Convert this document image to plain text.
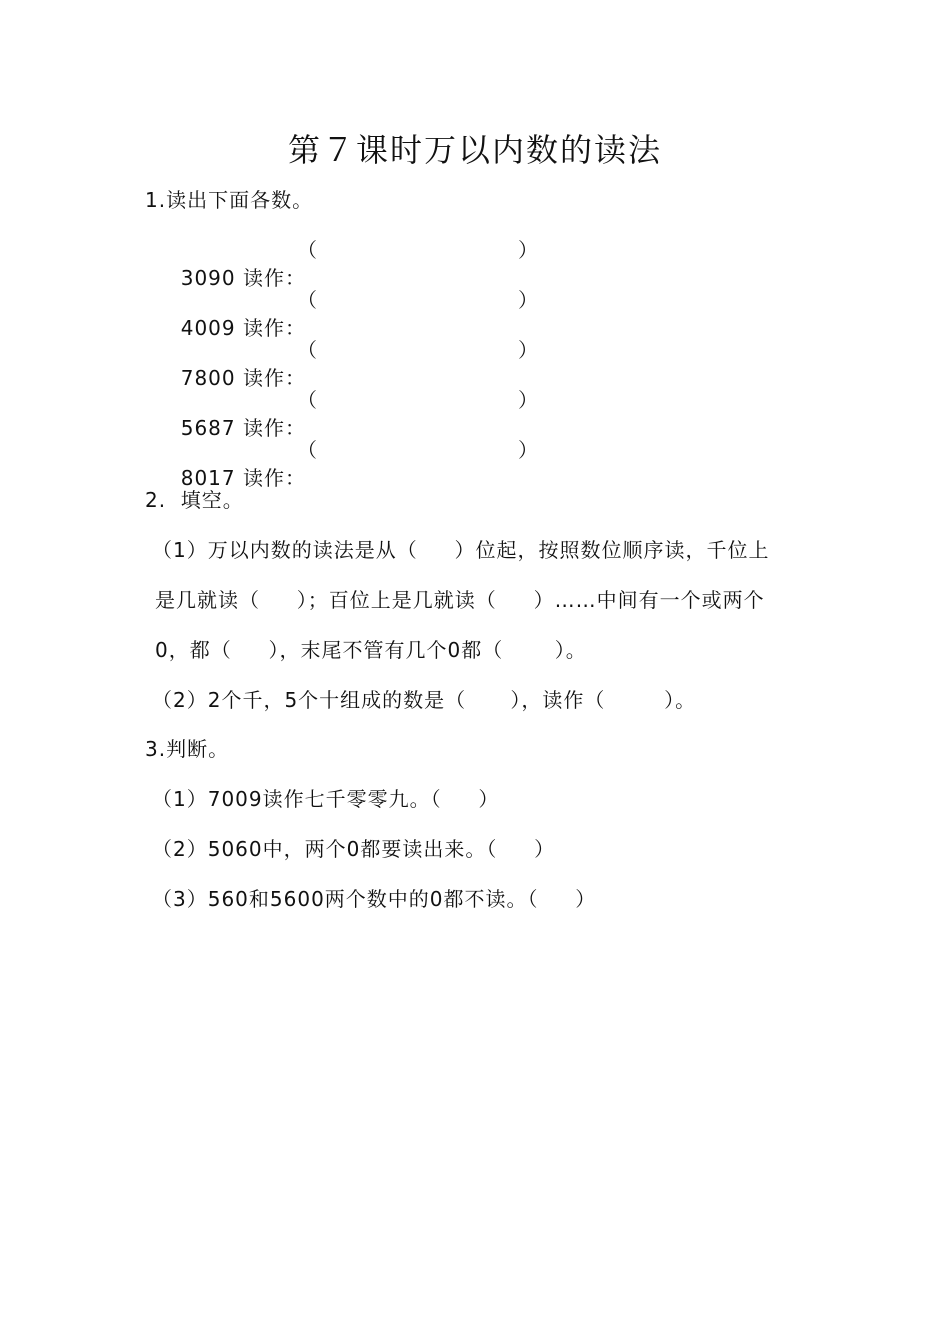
第７课时万以内数的读法
1.读出下面各数。

3090 读作：

（	）

4009 读作：

（	）

7800 读作：

（	）

5687 读作：

（	）

8017 读作：

（	）
2.  填空。
（1）万以内数的读法是从（     ）位起，按照数位顺序读，千位上
是几就读（     ）；百位上是几就读（     ）……中间有一个或两个
0，都（     ），末尾不管有几个0都（       ）。
（2）2个千，5个十组成的数是（      ），读作（        ）。
3.判断。
（1）7009读作七千零零九。（     ）
（2）5060中，两个0都要读出来。（     ）
（3）560和5600两个数中的0都不读。（     ）
